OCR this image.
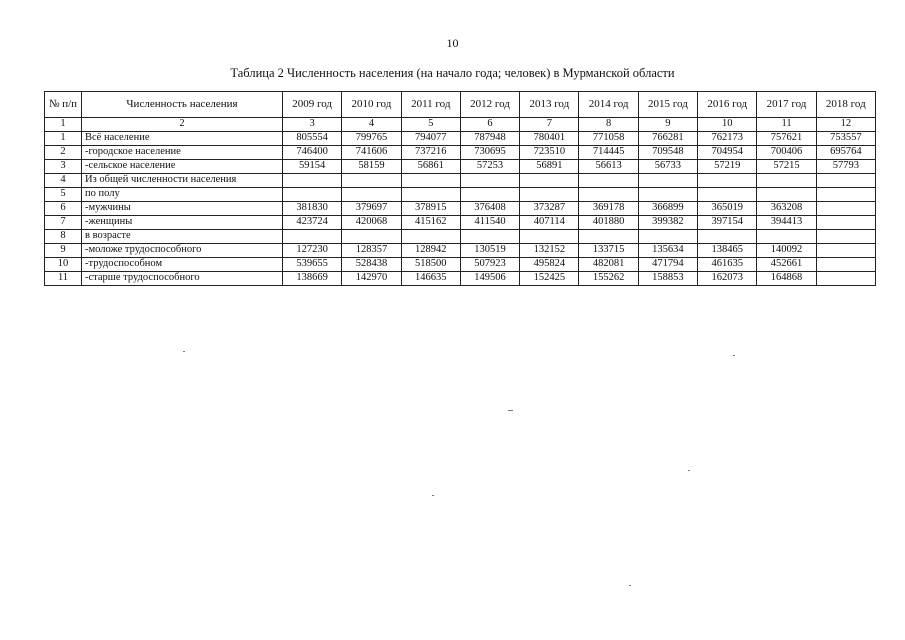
10
Таблица 2 Численность населения (на начало года; человек) в Мурманской области
№ п/п	Численность населения	2009 год	2010 год	2011 год	2012 год	2013 год	2014 год	2015 год	2016 год	2017 год	2018 год
1	2	3	4	5	6	7	8	9	10	11	12
1	Всё население	805554	799765	794077	787948	780401	771058	766281	762173	757621	753557
2	-городское население	746400	741606	737216	730695	723510	714445	709548	704954	700406	695764
3	-сельское население	59154	58159	56861	57253	56891	56613	56733	57219	57215	57793
4	Из общей численности населения										
5	по полу										
6	-мужчины	381830	379697	378915	376408	373287	369178	366899	365019	363208	
7	-женщины	423724	420068	415162	411540	407114	401880	399382	397154	394413	
8	в возрасте										
9	-моложе трудоспособного	127230	128357	128942	130519	132152	133715	135634	138465	140092	
10	-трудоспособном	539655	528438	518500	507923	495824	482081	471794	461635	452661	
11	-старше трудоспособного	138669	142970	146635	149506	152425	155262	158853	162073	164868	
